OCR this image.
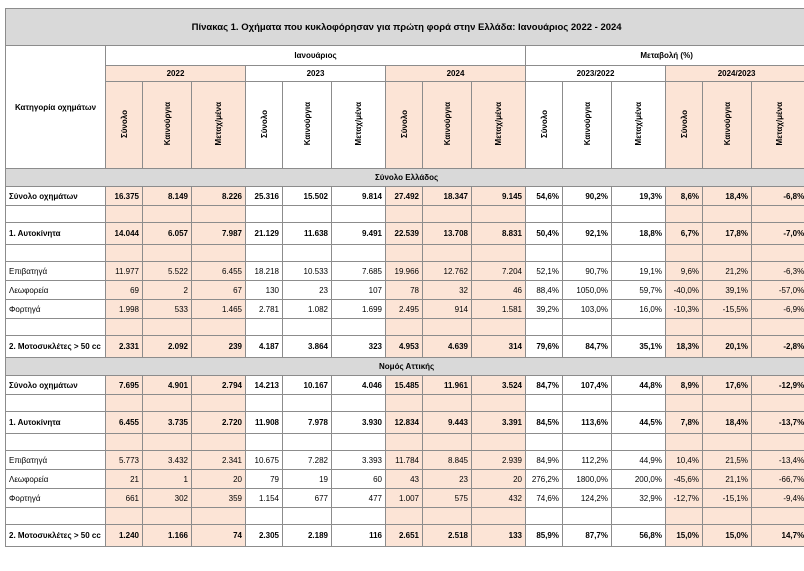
Πίνακας 1. Οχήματα που κυκλοφόρησαν για πρώτη φορά στην Ελλάδα: Ιανουάριος 2022 - 2024															
Κατηγορία οχημάτων	Ιανουάριος									Μεταβολή (%)					
	2022			2023			2024			2023/2022			2024/2023		
	Σύνολο	Καινούργια	Μεταχ/μένα	Σύνολο	Καινούργια	Μεταχ/μένα	Σύνολο	Καινούργια	Μεταχ/μένα	Σύνολο	Καινούργια	Μεταχ/μένα	Σύνολο	Καινούργια	Μεταχ/μένα
Σύνολο Ελλάδος															
Σύνολο οχημάτων	16.375	8.149	8.226	25.316	15.502	9.814	27.492	18.347	9.145	54,6%	90,2%	19,3%	8,6%	18,4%	-6,8%

1. Αυτοκίνητα	14.044	6.057	7.987	21.129	11.638	9.491	22.539	13.708	8.831	50,4%	92,1%	18,8%	6,7%	17,8%	-7,0%

Επιβατηγά	11.977	5.522	6.455	18.218	10.533	7.685	19.966	12.762	7.204	52,1%	90,7%	19,1%	9,6%	21,2%	-6,3%
Λεωφορεία	69	2	67	130	23	107	78	32	46	88,4%	1050,0%	59,7%	-40,0%	39,1%	-57,0%
Φορτηγά	1.998	533	1.465	2.781	1.082	1.699	2.495	914	1.581	39,2%	103,0%	16,0%	-10,3%	-15,5%	-6,9%

2. Μοτοσυκλέτες > 50 cc	2.331	2.092	239	4.187	3.864	323	4.953	4.639	314	79,6%	84,7%	35,1%	18,3%	20,1%	-2,8%
Νομός Αττικής															
Σύνολο οχημάτων	7.695	4.901	2.794	14.213	10.167	4.046	15.485	11.961	3.524	84,7%	107,4%	44,8%	8,9%	17,6%	-12,9%

1. Αυτοκίνητα	6.455	3.735	2.720	11.908	7.978	3.930	12.834	9.443	3.391	84,5%	113,6%	44,5%	7,8%	18,4%	-13,7%

Επιβατηγά	5.773	3.432	2.341	10.675	7.282	3.393	11.784	8.845	2.939	84,9%	112,2%	44,9%	10,4%	21,5%	-13,4%
Λεωφορεία	21	1	20	79	19	60	43	23	20	276,2%	1800,0%	200,0%	-45,6%	21,1%	-66,7%
Φορτηγά	661	302	359	1.154	677	477	1.007	575	432	74,6%	124,2%	32,9%	-12,7%	-15,1%	-9,4%

2. Μοτοσυκλέτες > 50 cc	1.240	1.166	74	2.305	2.189	116	2.651	2.518	133	85,9%	87,7%	56,8%	15,0%	15,0%	14,7%
